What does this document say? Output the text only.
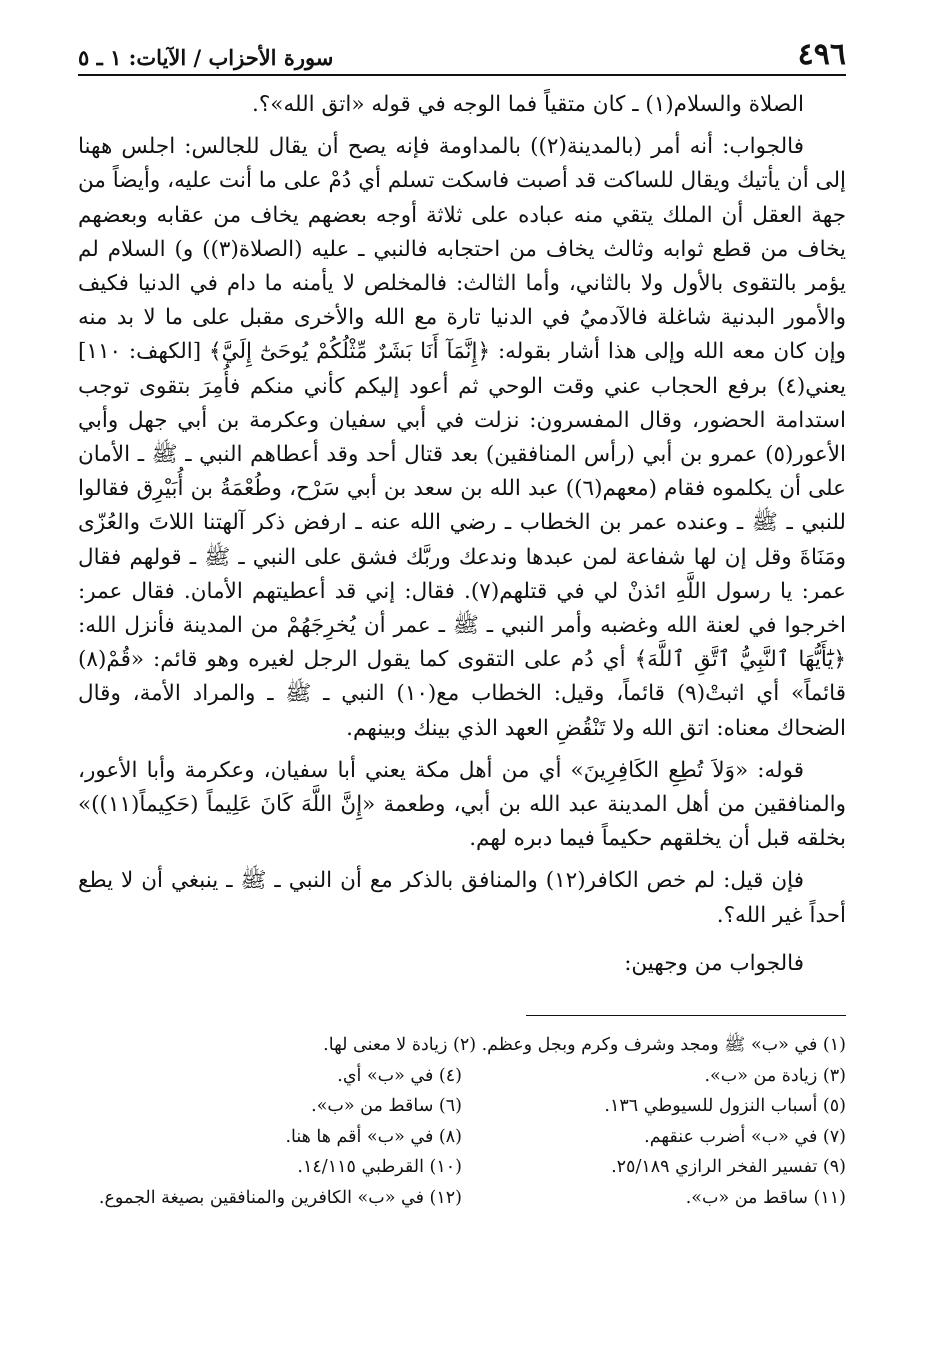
٤٩٦
سورة الأحزاب / الآيات: ١ ـ ٥

الصلاة والسلام(١) ـ كان متقياً فما الوجه في قوله «اتق الله»؟.

فالجواب: أنه أمر (بالمدينة(٢)) بالمداومة فإنه يصح أن يقال للجالس: اجلس ههنا إلى أن يأتيك ويقال للساكت قد أصبت فاسكت تسلم أي دُمْ على ما أنت عليه، وأيضاً من جهة العقل أن الملك يتقي منه عباده على ثلاثة أوجه بعضهم يخاف من عقابه وبعضهم يخاف من قطع ثوابه وثالث يخاف من احتجابه فالنبي ـ عليه (الصلاة(٣)) و) السلام لم يؤمر بالتقوى بالأول ولا بالثاني، وأما الثالث: فالمخلص لا يأمنه ما دام في الدنيا فكيف والأمور البدنية شاغلة فالآدميُ في الدنيا تارة مع الله والأخرى مقبل على ما لا بد منه وإن كان معه الله وإلى هذا أشار بقوله: ﴿إِنَّمَآ أَنَا بَشَرٌ مِّثْلُكُمْ يُوحَىٰٓ إِلَيَّ﴾ [الكهف: ١١٠] يعني(٤) برفع الحجاب عني وقت الوحي ثم أعود إليكم كأني منكم فأُمِرَ بتقوى توجب استدامة الحضور، وقال المفسرون: نزلت في أبي سفيان وعكرمة بن أبي جهل وأبي الأعور(٥) عمرو بن أبي (رأس المنافقين) بعد قتال أحد وقد أعطاهم النبي ـ ﷺ ـ الأمان على أن يكلموه فقام (معهم(٦)) عبد الله بن سعد بن أبي سَرْح، وطُعْمَةُ بن أُبَيْرِق فقالوا للنبي ـ ﷺ ـ وعنده عمر بن الخطاب ـ رضي الله عنه ـ ارفض ذكر آلهتنا اللاتَ والعُزّى ومَنَاةَ وقل إن لها شفاعة لمن عبدها وندعك وربَّك فشق على النبي ـ ﷺ ـ قولهم فقال عمر: يا رسول اللَّهِ ائذنْ لي في قتلهم(٧). فقال: إني قد أعطيتهم الأمان. فقال عمر: اخرجوا في لعنة الله وغضبه وأمر النبي ـ ﷺ ـ عمر أن يُخرِجَهُمْ من المدينة فأنزل الله: ﴿يَٰٓأَيُّهَا ٱلنَّبِيُّ ٱتَّقِ ٱللَّهَ﴾ أي دُم على التقوى كما يقول الرجل لغيره وهو قائم: «قُمْ(٨) قائماً» أي اثبتْ(٩) قائماً، وقيل: الخطاب مع(١٠) النبي ـ ﷺ ـ والمراد الأمة، وقال الضحاك معناه: اتق الله ولا تَنْقُضِ العهد الذي بينك وبينهم.

قوله: «وَلاَ تُطِعِ الكَافِرِينَ» أي من أهل مكة يعني أبا سفيان، وعكرمة وأبا الأعور، والمنافقين من أهل المدينة عبد الله بن أبي، وطعمة «إِنَّ اللَّهَ كَانَ عَلِيماً (حَكِيماً(١١))» بخلقه قبل أن يخلقهم حكيماً فيما دبره لهم.

فإن قيل: لم خص الكافر(١٢) والمنافق بالذكر مع أن النبي ـ ﷺ ـ ينبغي أن لا يطع أحداً غير الله؟.

فالجواب من وجهين:

(١) في «ب» ﷺ ومجد وشرف وكرم وبجل وعظم. (٢) زيادة لا معنى لها.
(٣) زيادة من «ب».
(٤) في «ب» أي.
(٥) أسباب النزول للسيوطي ١٣٦.
(٦) ساقط من «ب».
(٧) في «ب» أضرب عنقهم.
(٨) في «ب» أقم ها هنا.
(٩) تفسير الفخر الرازي ٢٥/١٨٩.
(١٠) القرطبي ١٤/١١٥.
(١١) ساقط من «ب».
(١٢) في «ب» الكافرين والمنافقين بصيغة الجموع.
